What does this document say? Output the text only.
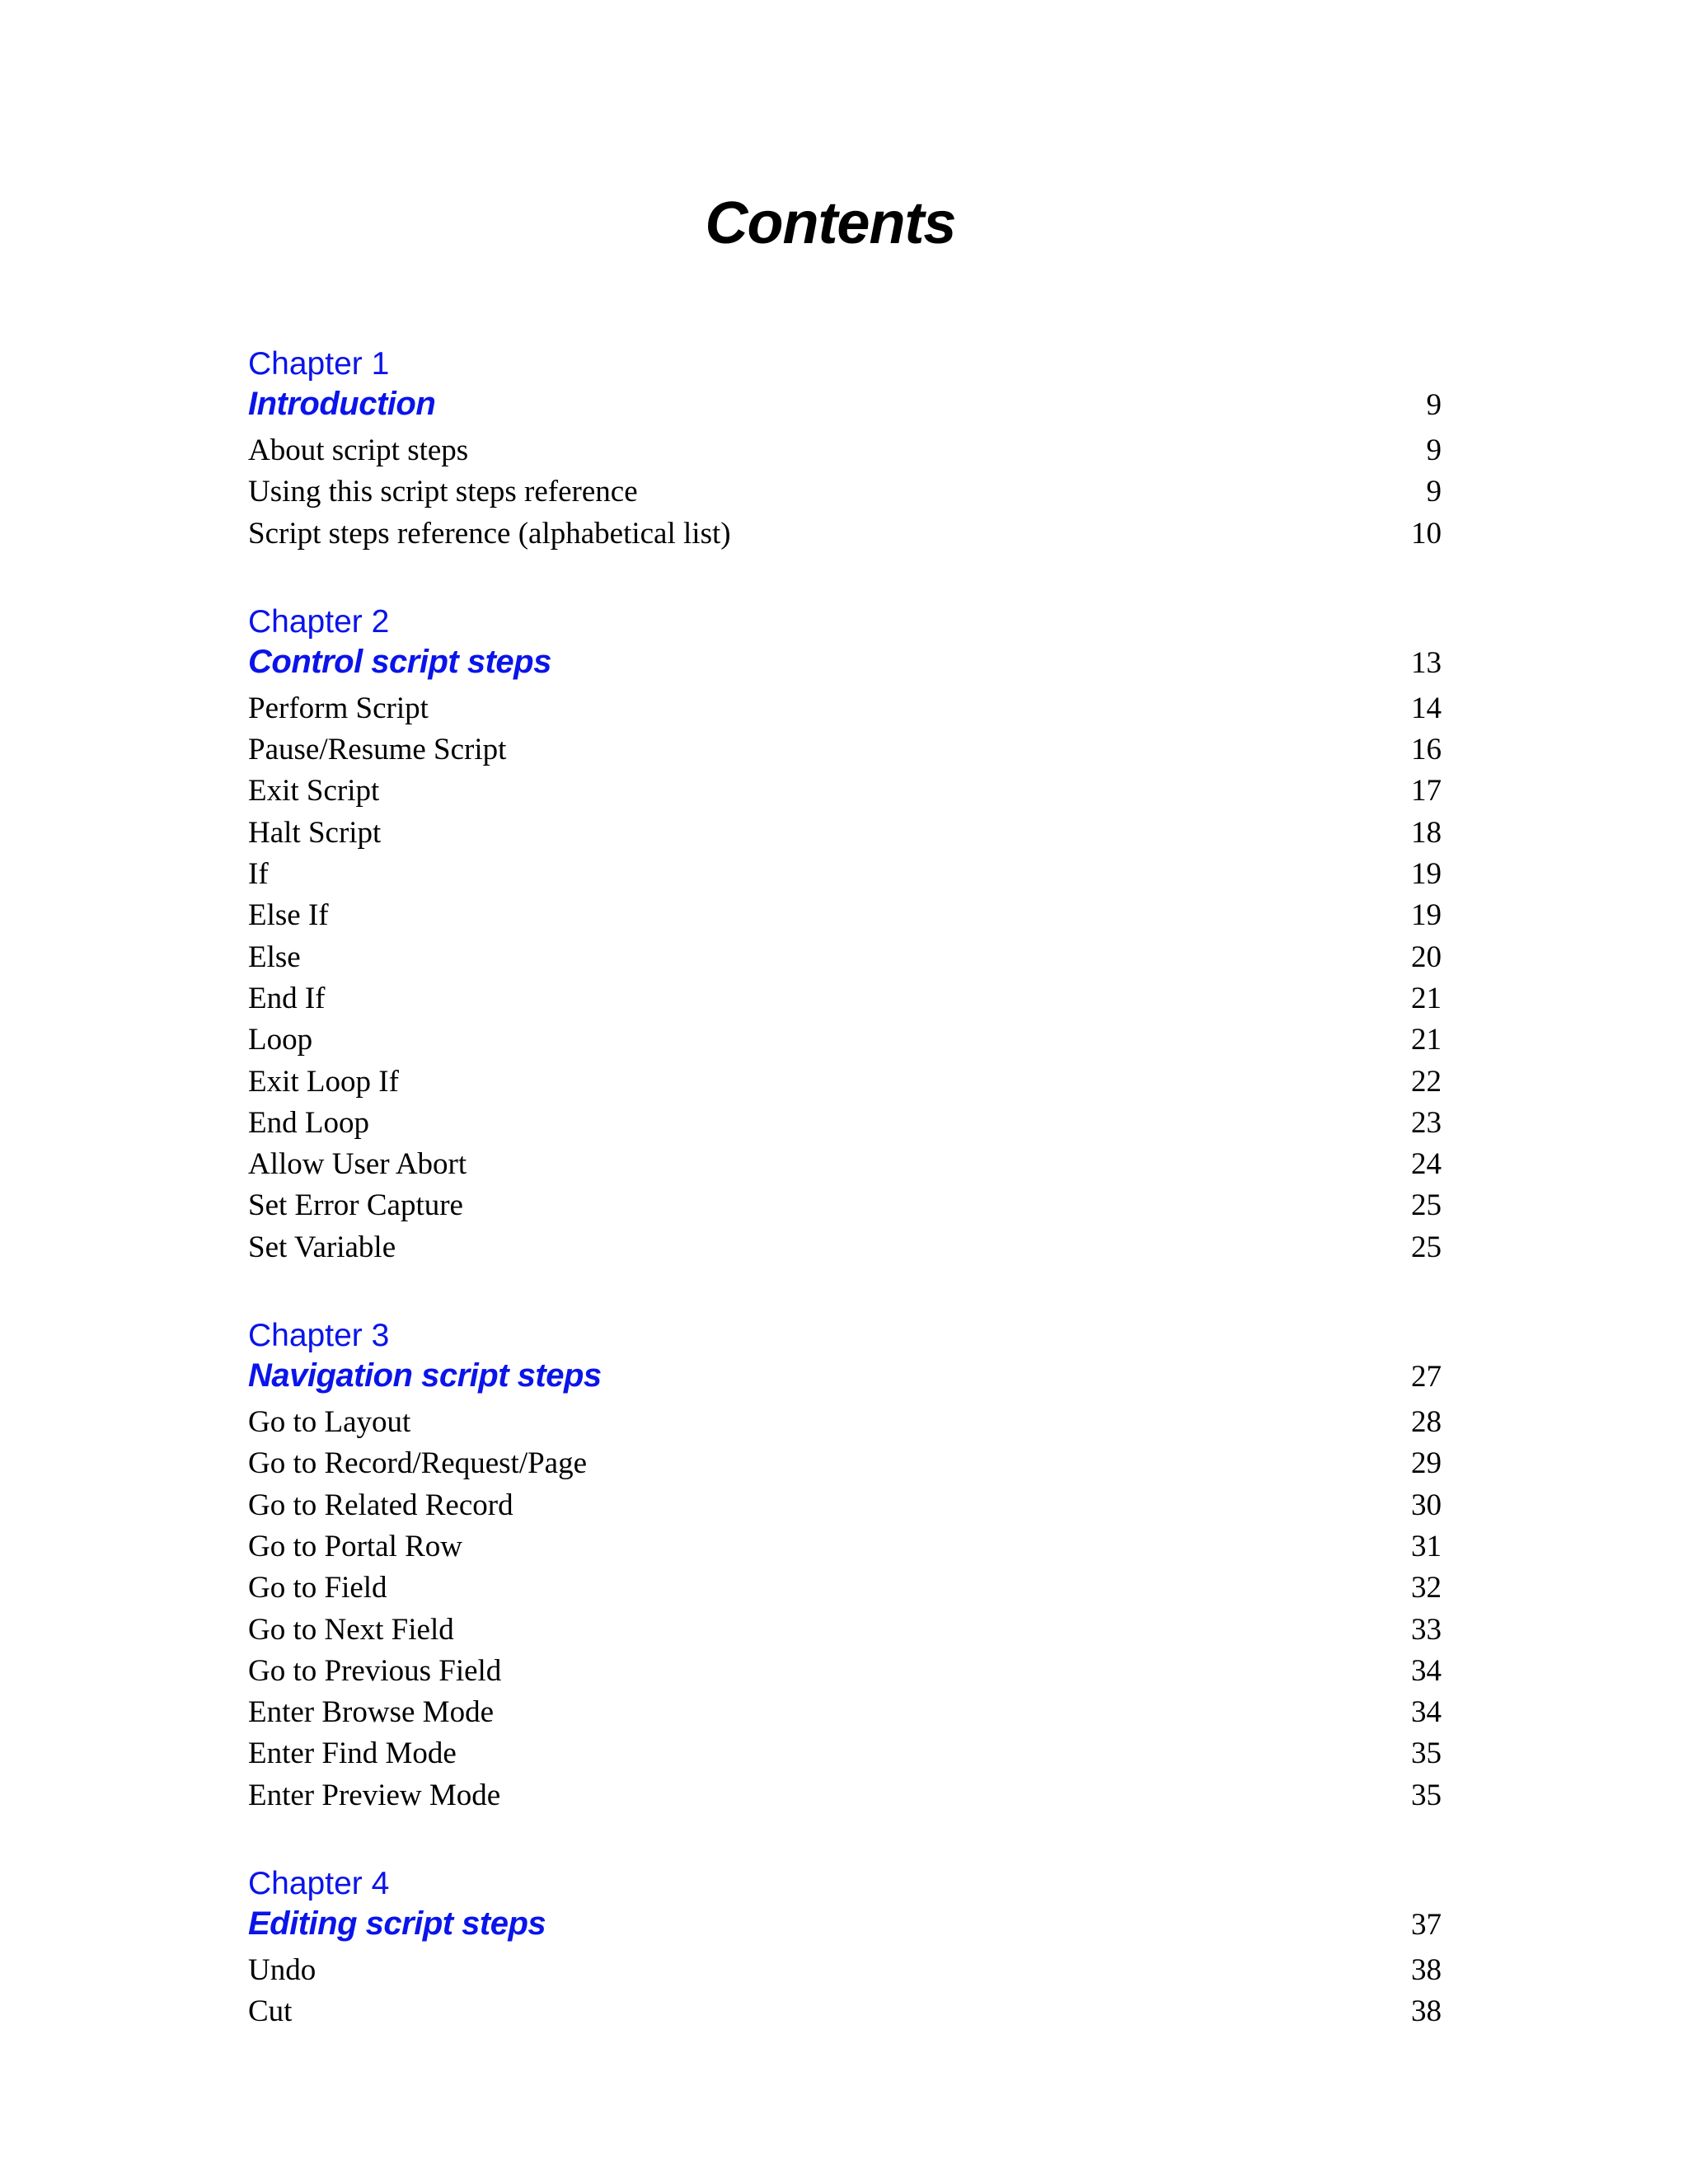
Contents
Chapter 1
Introduction	9
About script steps	9
Using this script steps reference	9
Script steps reference (alphabetical list)	10
Chapter 2
Control script steps	13
Perform Script	14
Pause/Resume Script	16
Exit Script	17
Halt Script	18
If	19
Else If	19
Else	20
End If	21
Loop	21
Exit Loop If	22
End Loop	23
Allow User Abort	24
Set Error Capture	25
Set Variable	25
Chapter 3
Navigation script steps	27
Go to Layout	28
Go to Record/Request/Page	29
Go to Related Record	30
Go to Portal Row	31
Go to Field	32
Go to Next Field	33
Go to Previous Field	34
Enter Browse Mode	34
Enter Find Mode	35
Enter Preview Mode	35
Chapter 4
Editing script steps	37
Undo	38
Cut	38
